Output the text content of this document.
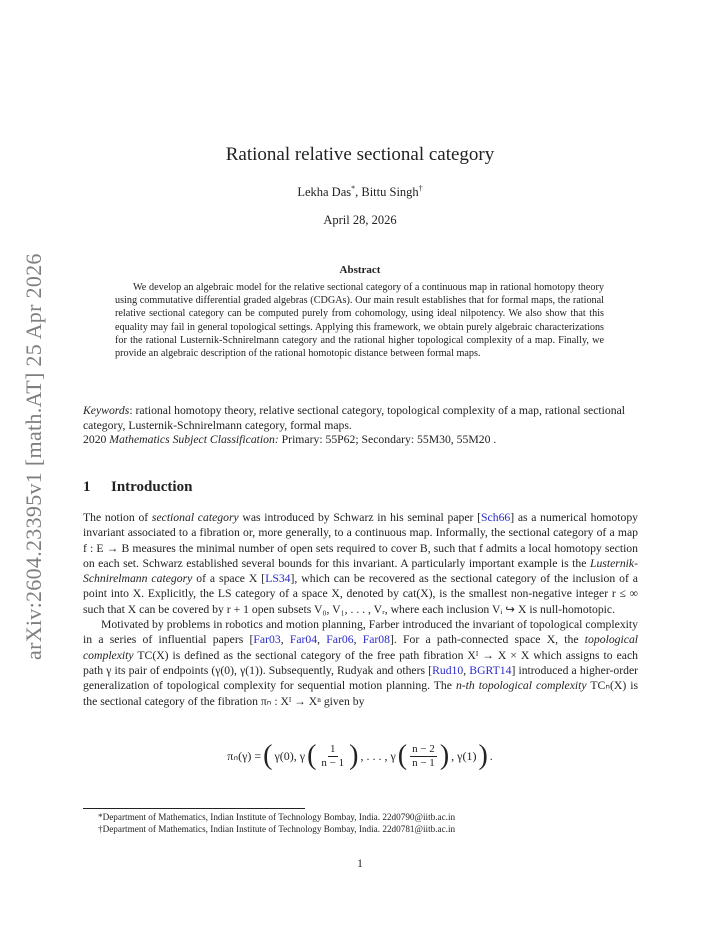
arXiv:2604.23395v1 [math.AT] 25 Apr 2026
Rational relative sectional category
Lekha Das*, Bittu Singh†
April 28, 2026
Abstract
We develop an algebraic model for the relative sectional category of a continuous map in rational homotopy theory using commutative differential graded algebras (CDGAs). Our main result establishes that for formal maps, the rational relative sectional category can be computed purely from cohomology, using ideal nilpotency. We also show that this equality may fail in general topological settings. Applying this framework, we obtain purely algebraic characterizations for the rational Lusternik-Schnirelmann category and the rational higher topological complexity of a map. Finally, we provide an algebraic description of the rational homotopic distance between formal maps.
Keywords: rational homotopy theory, relative sectional category, topological complexity of a map, rational sectional category, Lusternik-Schnirelmann category, formal maps.
2020 Mathematics Subject Classification: Primary: 55P62; Secondary: 55M30, 55M20 .
1 Introduction

The notion of sectional category was introduced by Schwarz in his seminal paper [Sch66] as a numerical homotopy invariant associated to a fibration or, more generally, to a continuous map. Informally, the sectional category of a map f : E → B measures the minimal number of open sets required to cover B, such that f admits a local homotopy section on each set. Schwarz established several bounds for this invariant. A particularly important example is the Lusternik-Schnirelmann category of a space X [LS34], which can be recovered as the sectional category of the inclusion of a point into X. Explicitly, the LS category of a space X, denoted by cat(X), is the smallest non-negative integer r ≤ ∞ such that X can be covered by r + 1 open subsets V₀, V₁, . . . , Vᵣ, where each inclusion Vᵢ ↪ X is null-homotopic.

Motivated by problems in robotics and motion planning, Farber introduced the invariant of topological complexity in a series of influential papers [Far03, Far04, Far06, Far08]. For a path-connected space X, the topological complexity TC(X) is defined as the sectional category of the free path fibration Xᴵ → X × X which assigns to each path γ its pair of endpoints (γ(0), γ(1)). Subsequently, Rudyak and others [Rud10, BGRT14] introduced a higher-order generalization of topological complexity for sequential motion planning. The n-th topological complexity TCₙ(X) is the sectional category of the fibration πₙ : Xᴵ → Xⁿ given by

πₙ(γ) = ( γ(0), γ ( $\frac{1}{n - 1}$ ) , . . . , γ ( $\frac{n - 2}{n - 1}$ ) , γ(1) ) .
*Department of Mathematics, Indian Institute of Technology Bombay, India. 22d0790@iitb.ac.in
†Department of Mathematics, Indian Institute of Technology Bombay, India. 22d0781@iitb.ac.in
1
